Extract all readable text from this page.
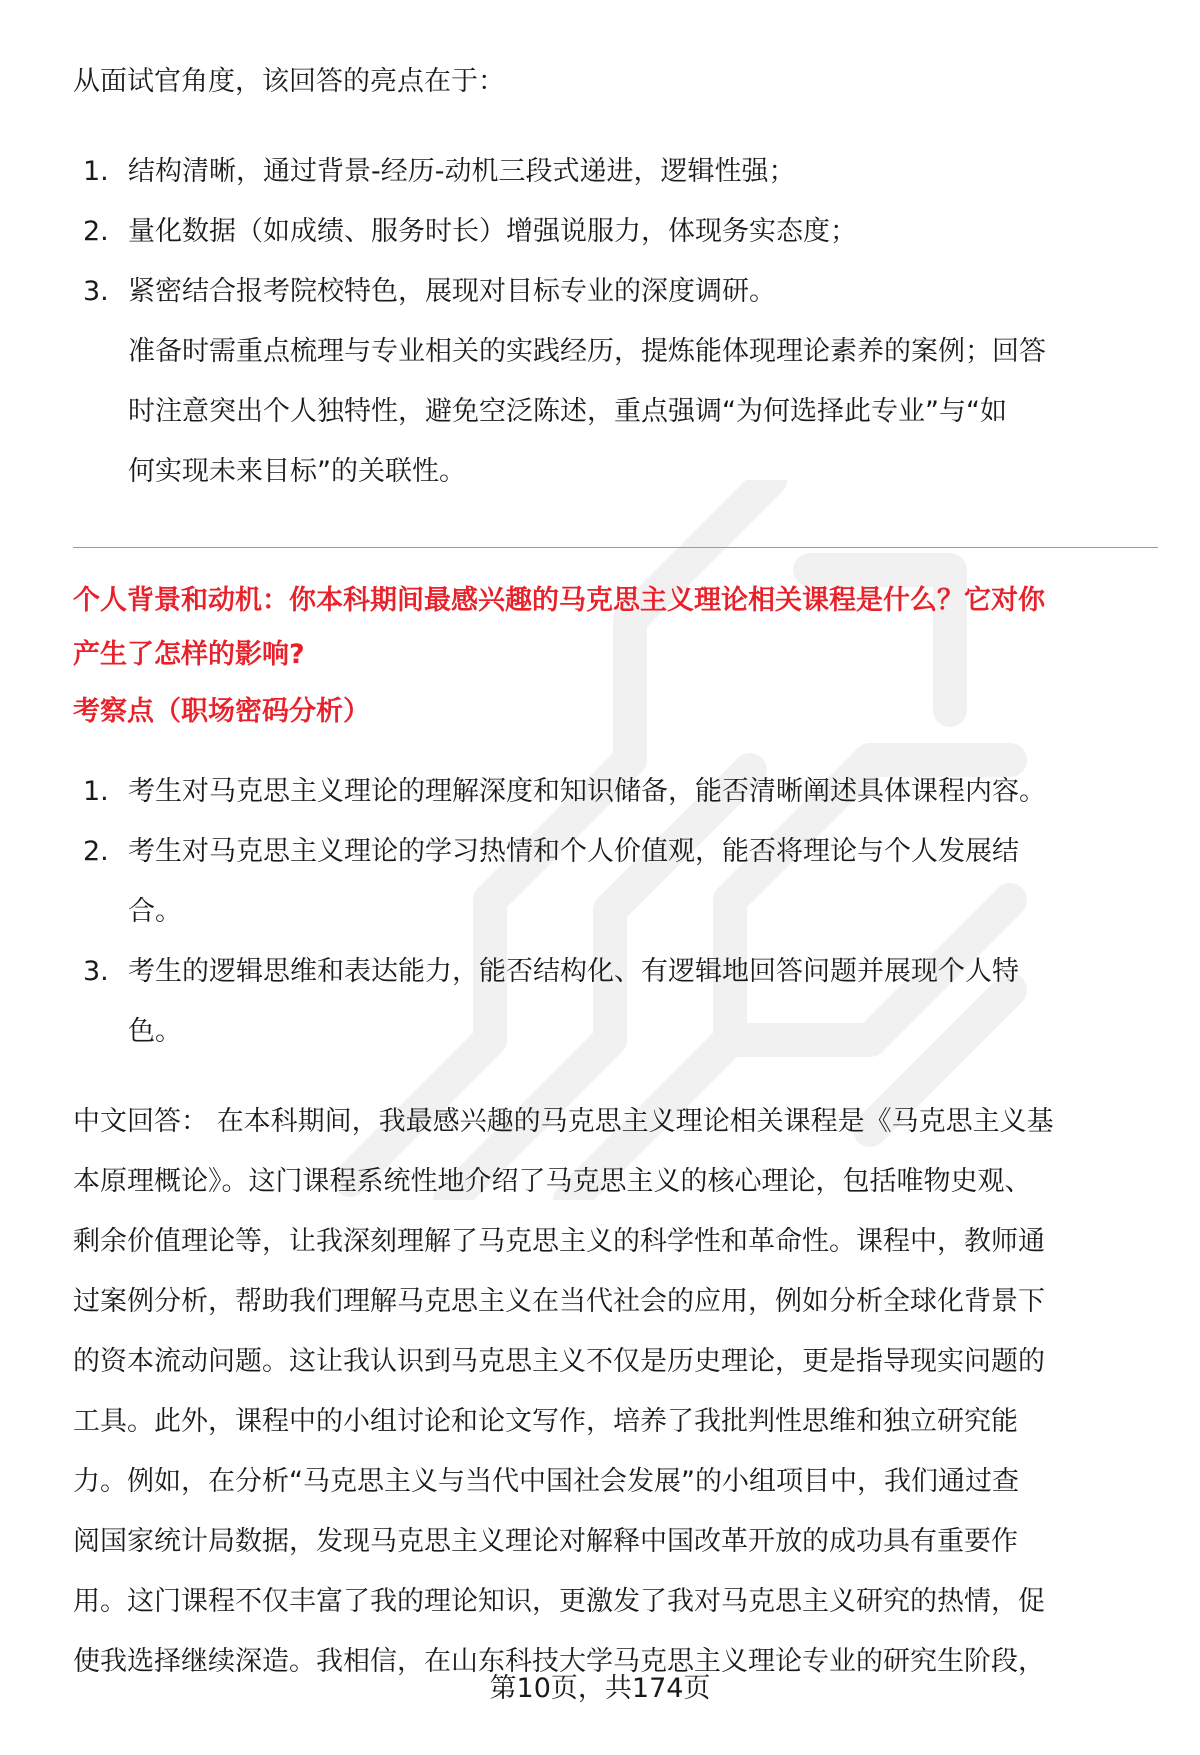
从面试官角度，该回答的亮点在于：
1. 结构清晰，通过背景-经历-动机三段式递进，逻辑性强；
2. 量化数据（如成绩、服务时长）增强说服力，体现务实态度；
3. 紧密结合报考院校特色，展现对目标专业的深度调研。
准备时需重点梳理与专业相关的实践经历，提炼能体现理论素养的案例；回答
时注意突出个人独特性，避免空泛陈述，重点强调“为何选择此专业”与“如
何实现未来目标”的关联性。
个人背景和动机：你本科期间最感兴趣的马克思主义理论相关课程是什么？它对你
产生了怎样的影响?
考察点（职场密码分析）
1. 考生对马克思主义理论的理解深度和知识储备，能否清晰阐述具体课程内容。
2. 考生对马克思主义理论的学习热情和个人价值观，能否将理论与个人发展结
合。
3. 考生的逻辑思维和表达能力，能否结构化、有逻辑地回答问题并展现个人特
色。
中文回答： 在本科期间，我最感兴趣的马克思主义理论相关课程是《马克思主义基
本原理概论》。这门课程系统性地介绍了马克思主义的核心理论，包括唯物史观、
剩余价值理论等，让我深刻理解了马克思主义的科学性和革命性。课程中，教师通
过案例分析，帮助我们理解马克思主义在当代社会的应用，例如分析全球化背景下
的资本流动问题。这让我认识到马克思主义不仅是历史理论，更是指导现实问题的
工具。此外，课程中的小组讨论和论文写作，培养了我批判性思维和独立研究能
力。例如，在分析“马克思主义与当代中国社会发展”的小组项目中，我们通过查
阅国家统计局数据，发现马克思主义理论对解释中国改革开放的成功具有重要作
用。这门课程不仅丰富了我的理论知识，更激发了我对马克思主义研究的热情，促
使我选择继续深造。我相信，在山东科技大学马克思主义理论专业的研究生阶段，
第10页，共174页
